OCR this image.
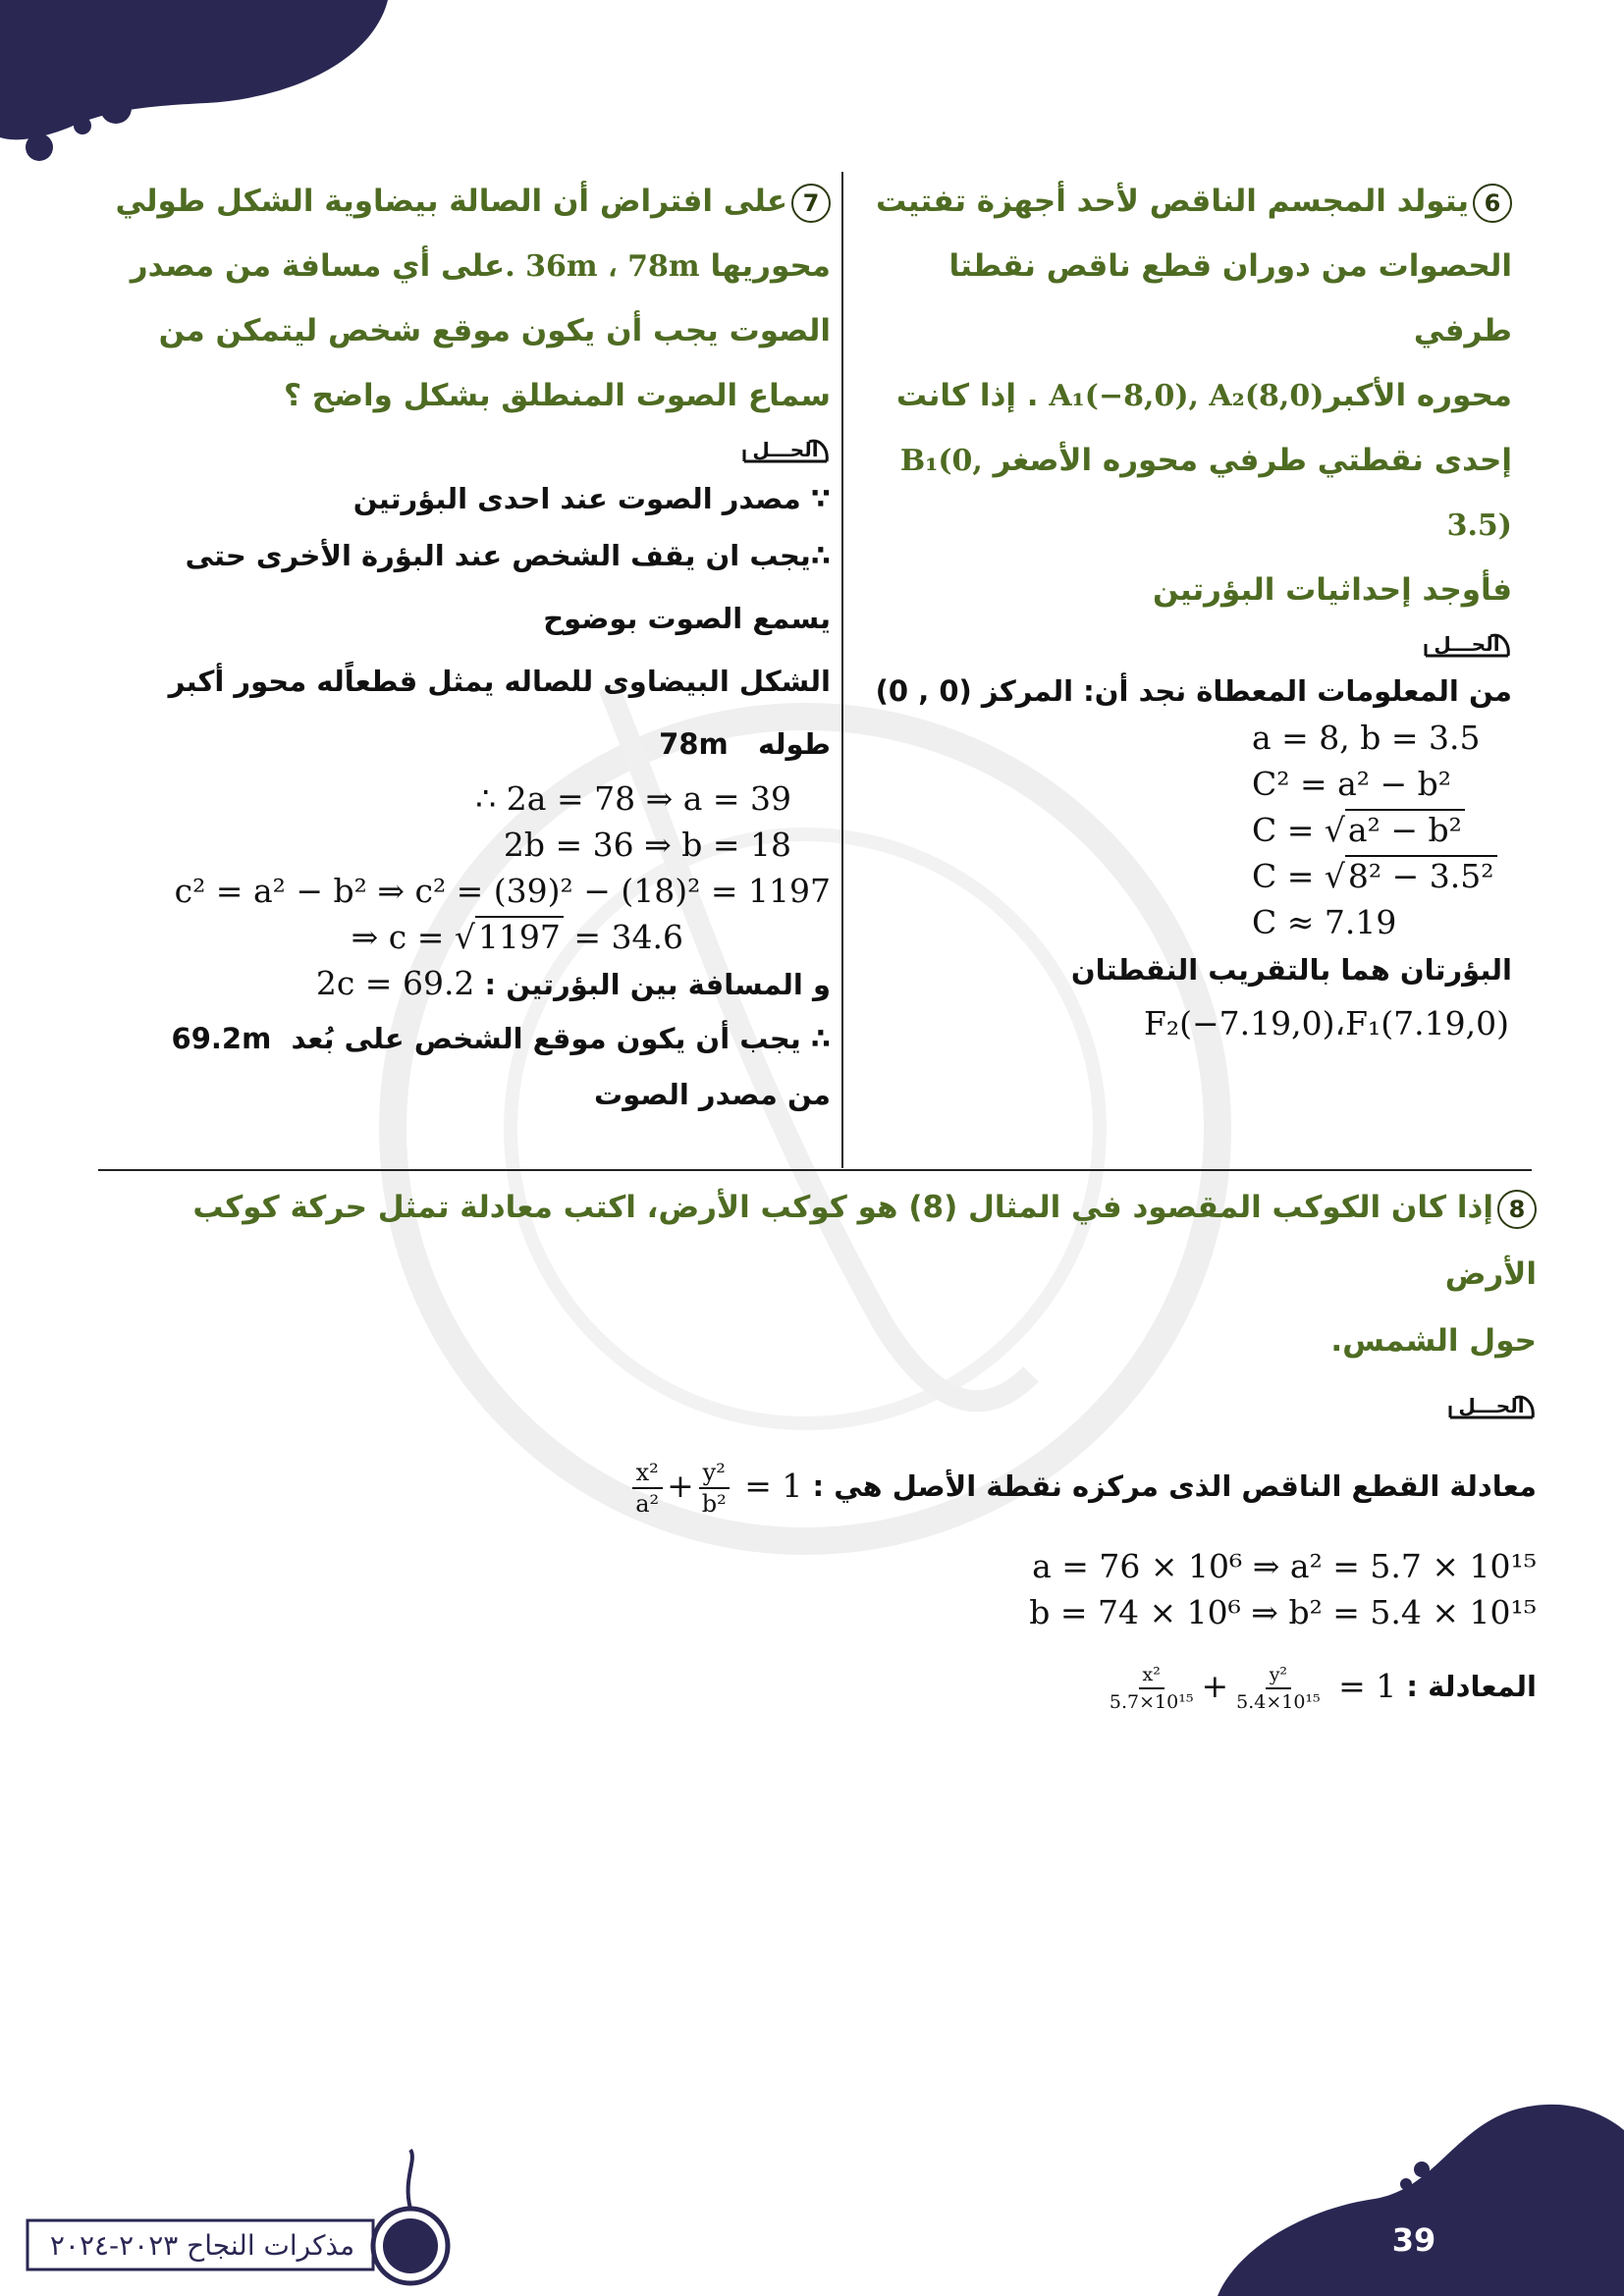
6يتولد المجسم الناقص لأحد أجهزة تفتيت

الحصوات من دوران قطع ناقص نقطتا طرفي

محوره الأكبرA₁(−8,0), A₂(8,0) . إذا كانت

إحدى نقطتي طرفي محوره الأصغر B₁(0, 3.5)

فأوجد إحداثيات البؤرتين

الحـــل

من المعلومات المعطاة نجد أن: المركز (0 , 0)

a = 8, b = 3.5

C² = a² − b²

C = √a² − b²

C = √8² − 3.5²

C ≈ 7.19

البؤرتان هما بالتقريب النقطتان

F₂(−7.19,0)،F₁(7.19,0)

7على افتراض أن الصالة بيضاوية الشكل طولي

محوريها 36m ، 78m .على أي مسافة من مصدر

الصوت يجب أن يكون موقع شخص ليتمكن من

سماع الصوت المنطلق بشكل واضح ؟

الحـــل

∵ مصدر الصوت عند احدى البؤرتين

∴يجب ان يقف الشخص عند البؤرة الأخرى حتى

يسمع الصوت بوضوح

الشكل البيضاوى للصاله يمثل قطعاًله محور أكبر

طوله   78m

∴ 2a = 78 ⇒ a = 39

2b = 36 ⇒ b = 18

c² = a² − b² ⇒ c² = (39)² − (18)² = 1197

⇒ c = √1197 = 34.6

و المسافة بين البؤرتين : 2c = 69.2

∴ يجب أن يكون موقع الشخص على بُعد  69.2m

من مصدر الصوت

8إذا كان الكوكب المقصود في المثال (8) هو كوكب الأرض، اكتب معادلة تمثل حركة كوكب الأرض

حول الشمس.

الحـــل

معادلة القطع الناقص الذى مركزه نقطة الأصل هي :
$\frac{\text{x²}}{\text{a²}} + \frac{\text{y²}}{\text{b²}} = 1$

a = 76 × 10⁶ ⇒ a² = 5.7 × 10¹⁵

b = 74 × 10⁶ ⇒ b² = 5.4 × 10¹⁵

المعادلة :
$\frac{\text{x²}}{\text{5.7×10¹⁵}} + \frac{\text{y²}}{\text{5.4×10¹⁵}} = 1$

مذكرات النجاح ٢٠٢٣-٢٠٢٤	39
